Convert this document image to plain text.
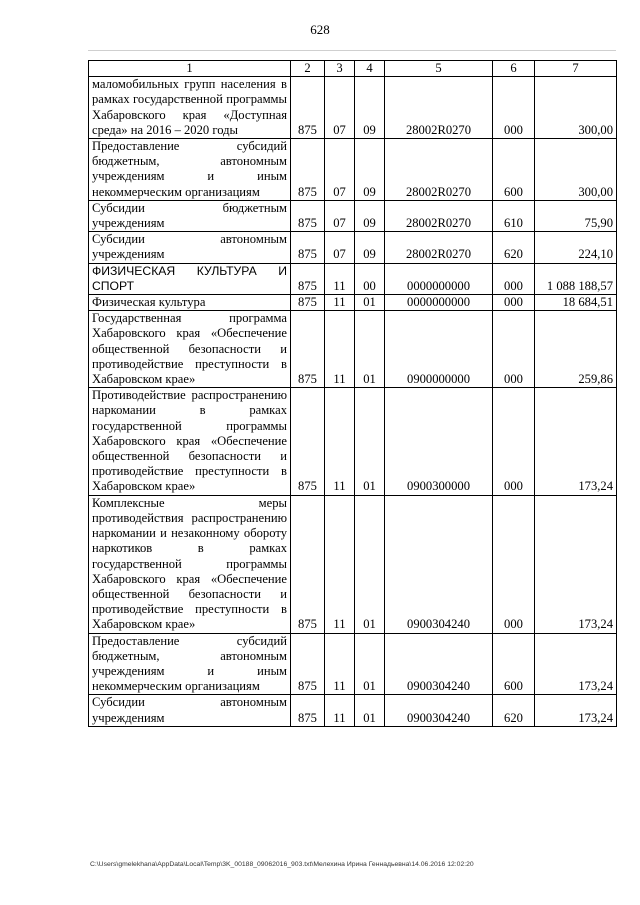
628
1	2	3	4	5	6	7
маломобильных групп населения в рамках государственной программы Хабаровского края «Доступная среда» на 2016 – 2020 годы	875	07	09	28002R0270	000	300,00
Предоставление субсидий бюджетным, автономным учреждениям и иным некоммерческим организациям	875	07	09	28002R0270	600	300,00
Субсидии бюджетным учреждениям	875	07	09	28002R0270	610	75,90
Субсидии автономным учреждениям	875	07	09	28002R0270	620	224,10
ФИЗИЧЕСКАЯ КУЛЬТУРА И СПОРТ	875	11	00	0000000000	000	1 088 188,57
Физическая культура	875	11	01	0000000000	000	18 684,51
Государственная программа Хабаровского края «Обеспечение общественной безопасности и противодействие преступности в Хабаровском крае»	875	11	01	0900000000	000	259,86
Противодействие распространению наркомании в рамках государственной программы Хабаровского края «Обеспечение общественной безопасности и противодействие преступности в Хабаровском крае»	875	11	01	0900300000	000	173,24
Комплексные меры противодействия распространению наркомании и незаконному обороту наркотиков в рамках государственной программы Хабаровского края «Обеспечение общественной безопасности и противодействие преступности в Хабаровском крае»	875	11	01	0900304240	000	173,24
Предоставление субсидий бюджетным, автономным учреждениям и иным некоммерческим организациям	875	11	01	0900304240	600	173,24
Субсидии автономным учреждениям	875	11	01	0900304240	620	173,24
C:\Users\gmelekhana\AppData\Local\Temp\3K_00188_09062016_903.txt\Мелехина Ирина Геннадьевна\14.06.2016 12:02:20
